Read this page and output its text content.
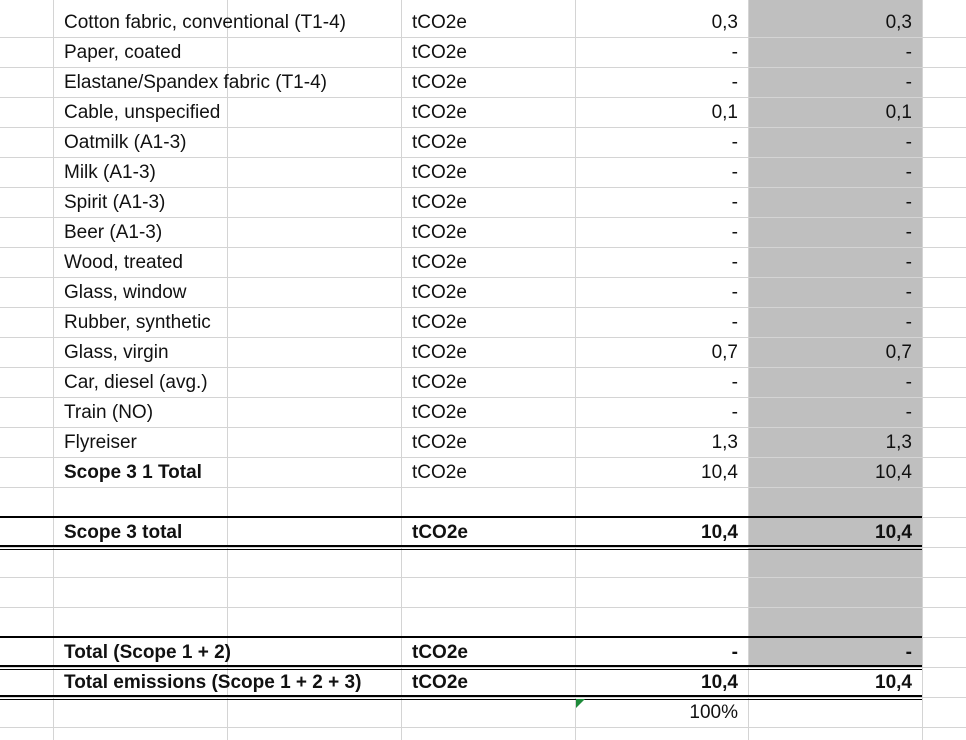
Cotton fabric, conventional (T1-4)	tCO2e	0,3	0,3
Paper, coated	tCO2e	-	-
Elastane/Spandex fabric (T1-4)	tCO2e	-	-
Cable, unspecified	tCO2e	0,1	0,1
Oatmilk (A1-3)	tCO2e	-	-
Milk (A1-3)	tCO2e	-	-
Spirit (A1-3)	tCO2e	-	-
Beer (A1-3)	tCO2e	-	-
Wood, treated	tCO2e	-	-
Glass, window	tCO2e	-	-
Rubber, synthetic	tCO2e	-	-
Glass, virgin	tCO2e	0,7	0,7
Car, diesel (avg.)	tCO2e	-	-
Train (NO)	tCO2e	-	-
Flyreiser	tCO2e	1,3	1,3
Scope 3 1 Total	tCO2e	10,4	10,4
Scope 3 total	tCO2e	10,4	10,4
Total (Scope 1 + 2)	tCO2e	-	-
Total emissions (Scope 1 + 2 + 3)	tCO2e	10,4	10,4
100%
